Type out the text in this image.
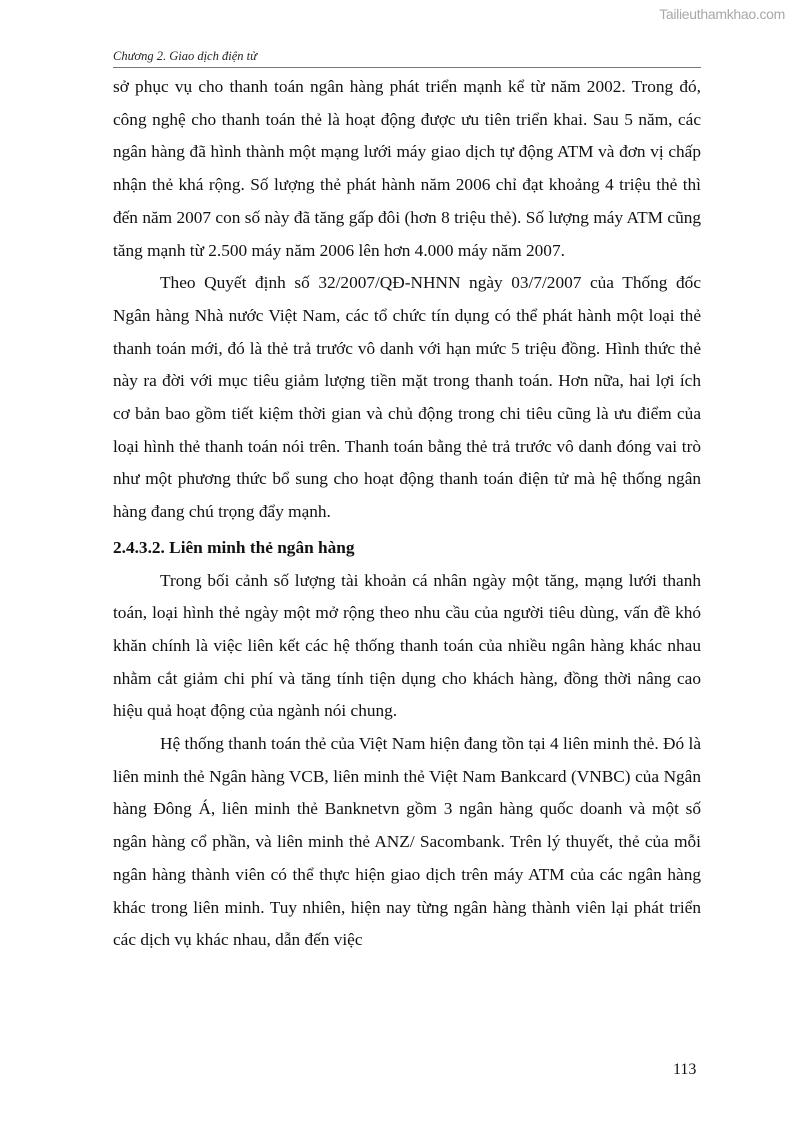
Tailieuthamkhao.com
Chương 2. Giao dịch điện tử

sở phục vụ cho thanh toán ngân hàng phát triển mạnh kể từ năm 2002. Trong đó, công nghệ cho thanh toán thẻ là hoạt động được ưu tiên triển khai. Sau 5 năm, các ngân hàng đã hình thành một mạng lưới máy giao dịch tự động ATM và đơn vị chấp nhận thẻ khá rộng. Số lượng thẻ phát hành năm 2006 chỉ đạt khoảng 4 triệu thẻ thì đến năm 2007 con số này đã tăng gấp đôi (hơn 8 triệu thẻ). Số lượng máy ATM cũng tăng mạnh từ 2.500 máy năm 2006 lên hơn 4.000 máy năm 2007.

Theo Quyết định số 32/2007/QĐ-NHNN ngày 03/7/2007 của Thống đốc Ngân hàng Nhà nước Việt Nam, các tổ chức tín dụng có thể phát hành một loại thẻ thanh toán mới, đó là thẻ trả trước vô danh với hạn mức 5 triệu đồng. Hình thức thẻ này ra đời với mục tiêu giảm lượng tiền mặt trong thanh toán. Hơn nữa, hai lợi ích cơ bản bao gồm tiết kiệm thời gian và chủ động trong chi tiêu cũng là ưu điểm của loại hình thẻ thanh toán nói trên. Thanh toán bằng thẻ trả trước vô danh đóng vai trò như một phương thức bổ sung cho hoạt động thanh toán điện tử mà hệ thống ngân hàng đang chú trọng đẩy mạnh.

2.4.3.2. Liên minh thẻ ngân hàng

Trong bối cảnh số lượng tài khoản cá nhân ngày một tăng, mạng lưới thanh toán, loại hình thẻ ngày một mở rộng theo nhu cầu của người tiêu dùng, vấn đề khó khăn chính là việc liên kết các hệ thống thanh toán của nhiều ngân hàng khác nhau nhằm cắt giảm chi phí và tăng tính tiện dụng cho khách hàng, đồng thời nâng cao hiệu quả hoạt động của ngành nói chung.

Hệ thống thanh toán thẻ của Việt Nam hiện đang tồn tại 4 liên minh thẻ. Đó là liên minh thẻ Ngân hàng VCB, liên minh thẻ Việt Nam Bankcard (VNBC) của Ngân hàng Đông Á, liên minh thẻ Banknetvn gồm 3 ngân hàng quốc doanh và một số ngân hàng cổ phần, và liên minh thẻ ANZ/ Sacombank. Trên lý thuyết, thẻ của mỗi ngân hàng thành viên có thể thực hiện giao dịch trên máy ATM của các ngân hàng khác trong liên minh. Tuy nhiên, hiện nay từng ngân hàng thành viên lại phát triển các dịch vụ khác nhau, dẫn đến việc

113
